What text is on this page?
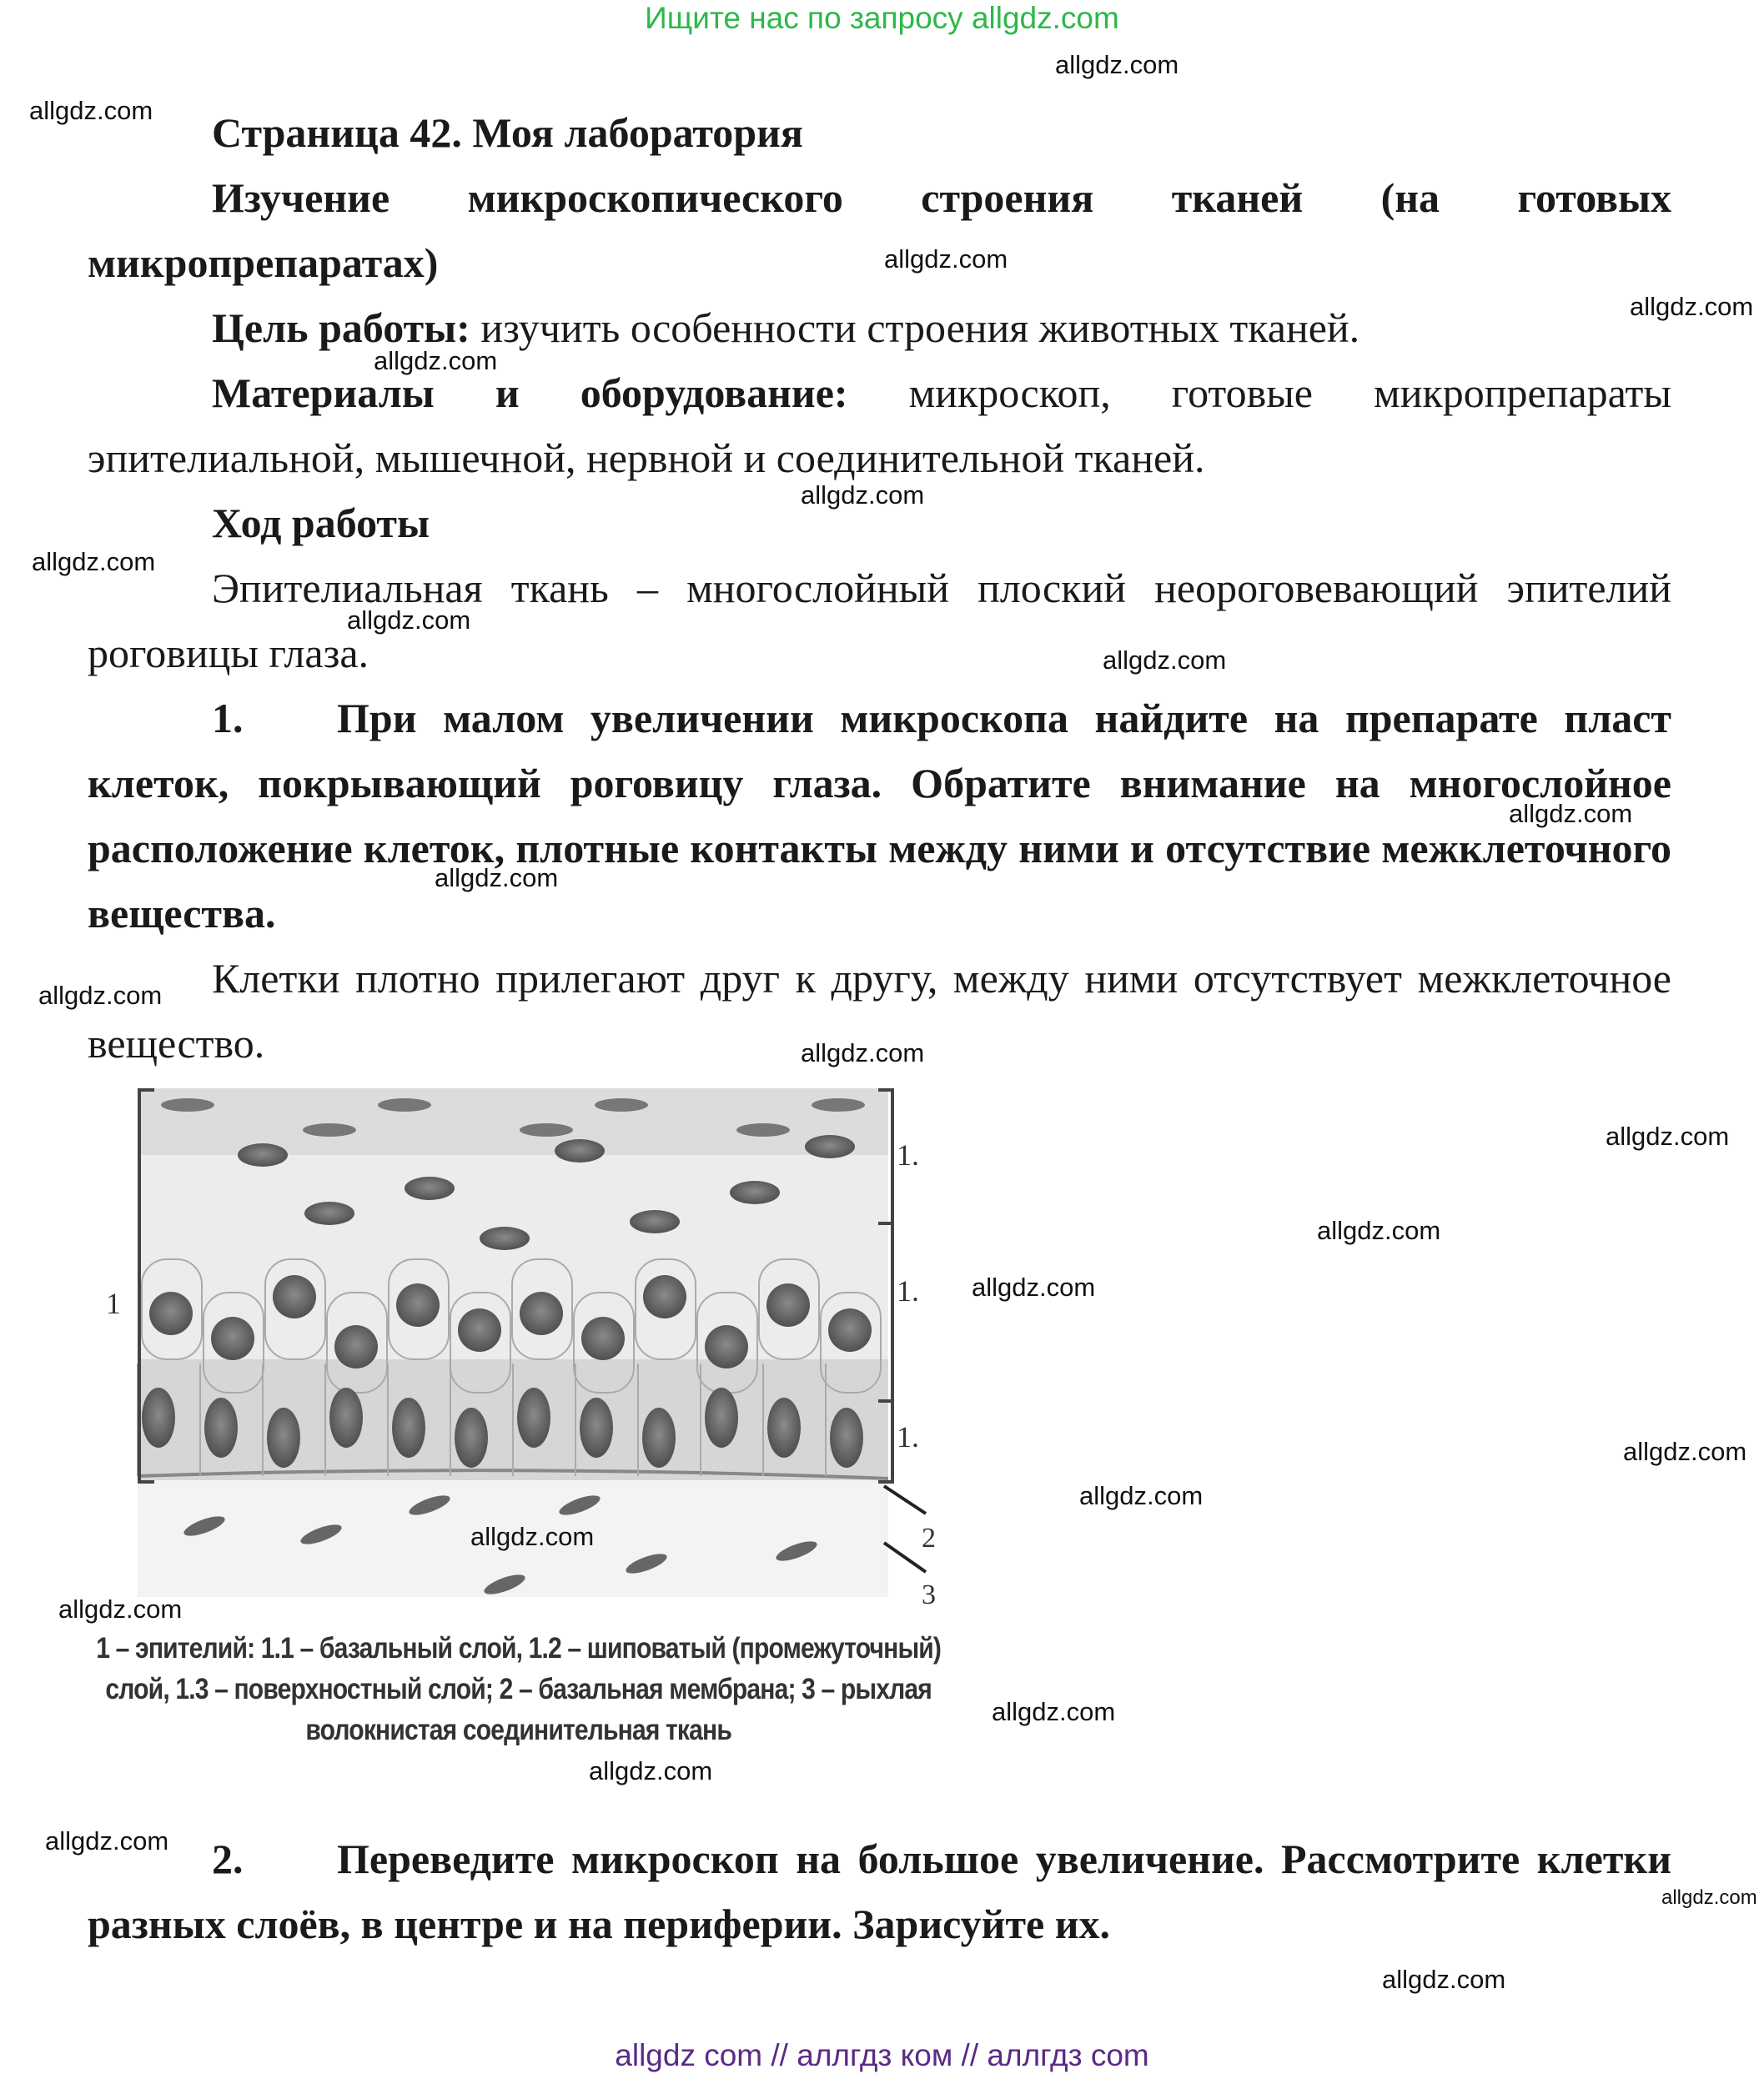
Ищите нас по запросу allgdz.com

Страница 42. Моя лаборатория

Изучение микроскопического строения тканей (на готовых микропрепаратах)

Цель работы: изучить особенности строения животных тканей.

Материалы и оборудование: микроскоп, готовые микропрепараты эпителиальной, мышечной, нервной и соединительной тканей.

Ход работы

Эпителиальная ткань – многослойный плоский неороговевающий эпителий роговицы глаза.

1. При малом увеличении микроскопа найдите на препарате пласт клеток, покрывающий роговицу глаза. Обратите внимание на многослойное расположение клеток, плотные контакты между ними и отсутствие межклеточного вещества.

Клетки плотно прилегают друг к другу, между ними отсутствует межклеточное вещество.

1
1.
1.
1.
2
3
1 – эпителий: 1.1 – базальный слой, 1.2 – шиповатый (промежуточный) слой, 1.3 – поверхностный слой; 2 – базальная мембрана; 3 – рыхлая волокнистая соединительная ткань

2. Переведите микроскоп на большое увеличение. Рассмотрите клетки разных слоёв, в центре и на периферии. Зарисуйте их.

allgdz com // аллгдз ком // аллгдз com
allgdz.com
allgdz.com
allgdz.com
allgdz.com
allgdz.com
allgdz.com
allgdz.com
allgdz.com
allgdz.com
allgdz.com
allgdz.com
allgdz.com
allgdz.com
allgdz.com
allgdz.com
allgdz.com
allgdz.com
allgdz.com
allgdz.com
allgdz.com
allgdz.com
allgdz.com
allgdz.com
allgdz.com
allgdz.com
